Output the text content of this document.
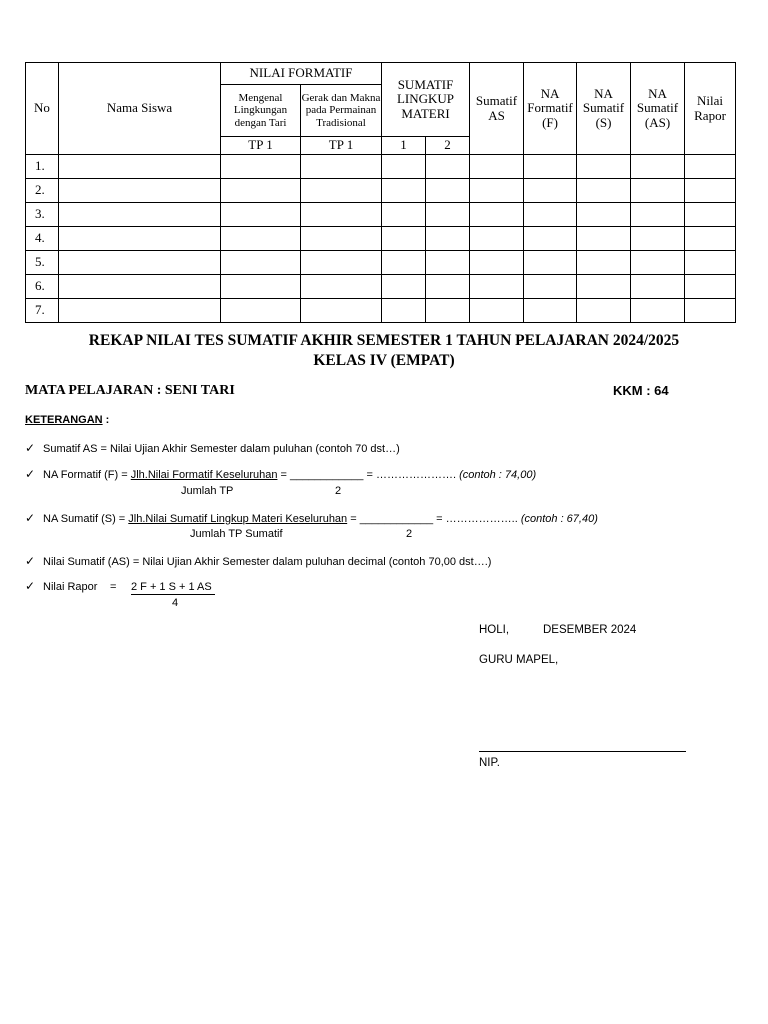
No	Nama Siswa	NILAI FORMATIF		SUMATIF LINGKUP MATERI		Sumatif AS	NA Formatif (F)	NA Sumatif (S)	NA Sumatif (AS)	Nilai Rapor
		Mengenal Lingkungan dengan Tari	Gerak dan Makna pada Permainan Tradisional							
		TP 1	TP 1	1	2					
1.										
2.										
3.										
4.										
5.										
6.										
7.										
REKAP NILAI TES SUMATIF AKHIR SEMESTER 1 TAHUN PELAJARAN 2024/2025
KELAS IV (EMPAT)
MATA PELAJARAN : SENI TARI	KKM : 64
KETERANGAN :
✓ Sumatif AS = Nilai Ujian Akhir Semester dalam puluhan (contoh 70 dst…)
✓ NA Formatif (F) = Jlh.Nilai Formatif Keseluruhan = ____________ = …………………. (contoh : 74,00)
Jumlah TP	2
✓ NA Sumatif (S) = Jlh.Nilai Sumatif Lingkup Materi Keseluruhan = ____________ = ……………….. (contoh : 67,40)
Jumlah TP Sumatif	2
✓ Nilai Sumatif (AS) = Nilai Ujian Akhir Semester dalam puluhan decimal (contoh 70,00 dst….)
✓ Nilai Rapor = 2 F + 1 S + 1 AS
4
HOLI,	DESEMBER 2024
GURU MAPEL,
NIP.
